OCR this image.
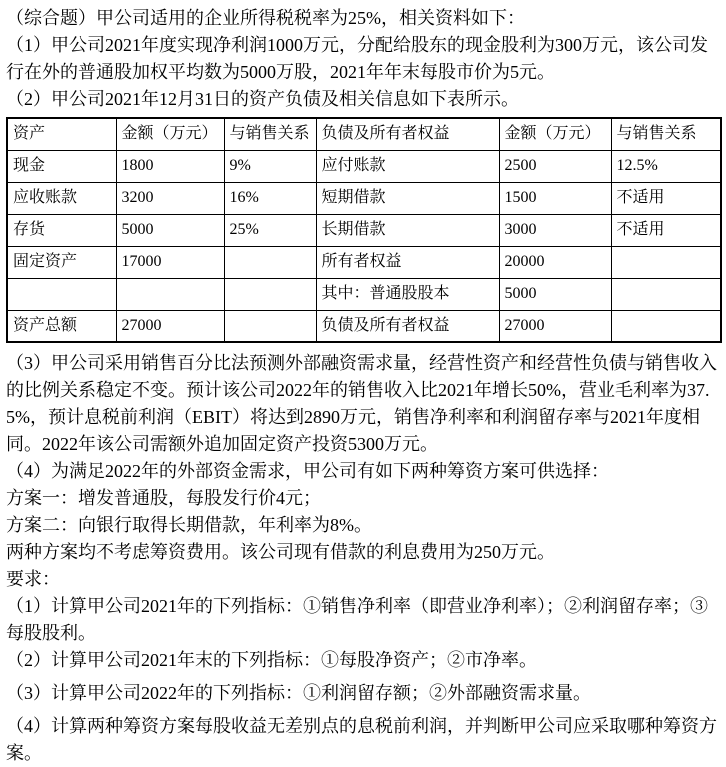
（综合题）甲公司适用的企业所得税税率为25%，相关资料如下：

（1）甲公司2021年度实现净利润1000万元，分配给股东的现金股利为300万元，该公司发行在外的普通股加权平均数为5000万股，2021年年末每股市价为5元。

（2）甲公司2021年12月31日的资产负债及相关信息如下表所示。

资产	金额（万元）	与销售关系	负债及所有者权益	金额（万元）	与销售关系
现金	1800	9%	应付账款	2500	12.5%
应收账款	3200	16%	短期借款	1500	不适用
存货	5000	25%	长期借款	3000	不适用
固定资产	17000		所有者权益	20000	
			其中：普通股股本	5000	
资产总额	27000		负债及所有者权益	27000	

（3）甲公司采用销售百分比法预测外部融资需求量，经营性资产和经营性负债与销售收入的比例关系稳定不变。预计该公司2022年的销售收入比2021年增长50%，营业毛利率为37.5%，预计息税前利润（EBIT）将达到2890万元，销售净利率和利润留存率与2021年度相同。2022年该公司需额外追加固定资产投资5300万元。

（4）为满足2022年的外部资金需求，甲公司有如下两种筹资方案可供选择：

方案一：增发普通股，每股发行价4元；

方案二：向银行取得长期借款，年利率为8%。

两种方案均不考虑筹资费用。该公司现有借款的利息费用为250万元。

要求：

（1）计算甲公司2021年的下列指标：①销售净利率（即营业净利率）；②利润留存率；③每股股利。

（2）计算甲公司2021年末的下列指标：①每股净资产；②市净率。

（3）计算甲公司2022年的下列指标：①利润留存额；②外部融资需求量。

（4）计算两种筹资方案每股收益无差别点的息税前利润，并判断甲公司应采取哪种筹资方案。
